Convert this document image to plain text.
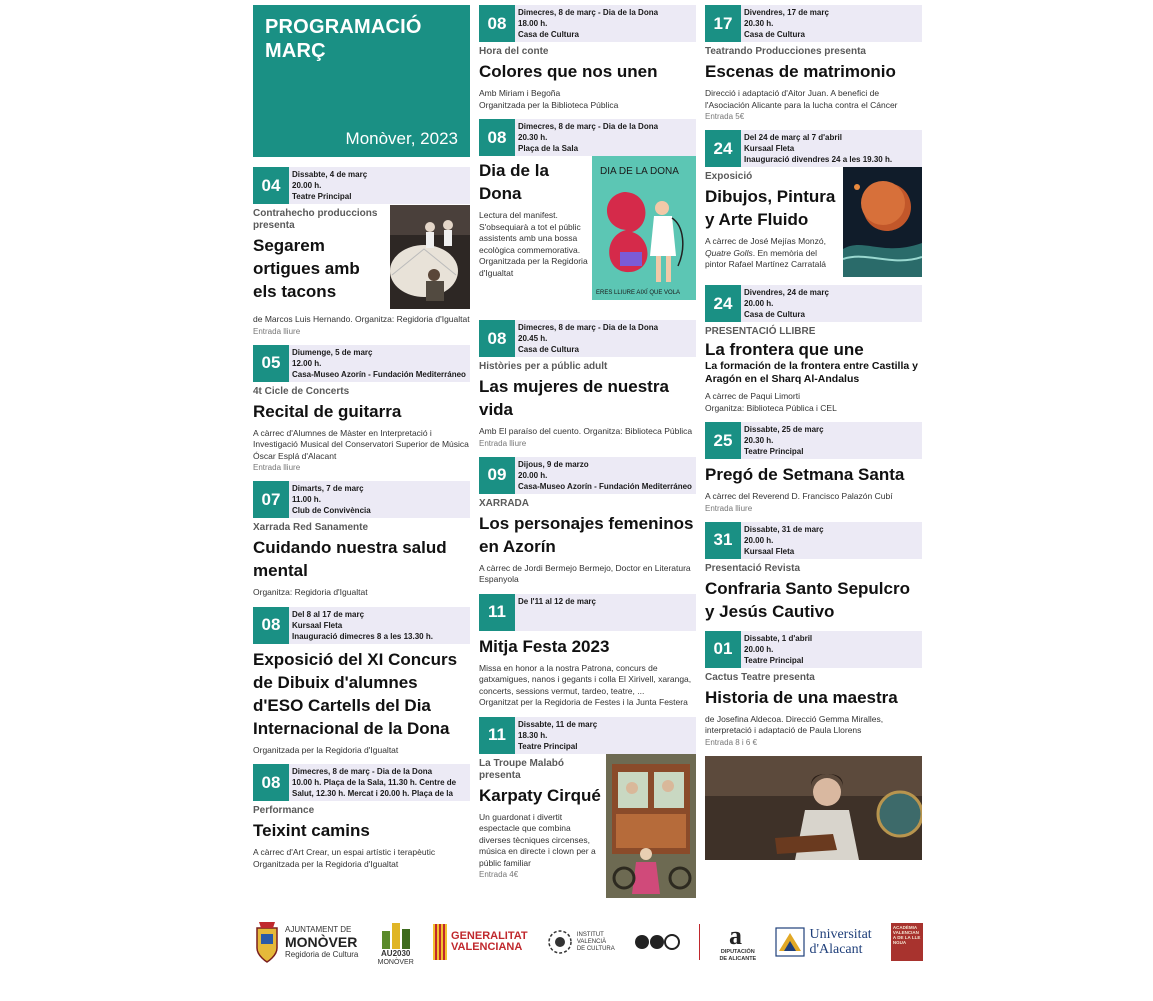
PROGRAMACIÓ
MARÇ
Monòver, 2023
04
Dissabte, 4 de març
20.00 h.
Teatre Principal
Contrahecho produccions presenta
Segarem ortigues amb els tacons
de Marcos Luis Hernando. Organitza: Regidoria d'Igualtat
Entrada lliure
05
Diumenge, 5 de març
12.00 h.
Casa-Museo Azorín - Fundación Mediterráneo
4t Cicle de Concerts
Recital de guitarra
A càrrec d'Alumnes de Màster en Interpretació i Investigació Musical del Conservatori Superior de Música Óscar Esplá d'Alacant
Entrada lliure
07
Dimarts, 7 de març
11.00 h.
Club de Convivència
Xarrada Red Sanamente
Cuidando nuestra salud mental
Organitza: Regidoria d'Igualtat
08
Del 8 al 17 de març
Kursaal Fleta
Inauguració dimecres 8 a les 13.30 h.
Exposició del XI Concurs de Dibuix d'alumnes d'ESO Cartells del Dia Internacional de la Dona
Organitzada per la Regidoria d'Igualtat
08
Dimecres, 8 de març - Dia de la Dona
10.00 h. Plaça de la Sala, 11.30 h. Centre de Salut, 12.30 h. Mercat i 20.00 h. Plaça de la
Performance
Teixint camins
A càrrec d'Art Crear, un espai artístic i terapèutic
Organitzada per la Regidoria d'Igualtat
08
Dimecres, 8 de març - Dia de la Dona
18.00 h.
Casa de Cultura
Hora del conte
Colores que nos unen
Amb Miriam i Begoña
Organitzada per la Biblioteca Pública
08
Dimecres, 8 de març - Dia de la Dona
20.30 h.
Plaça de la Sala
Dia de la Dona
Lectura del manifest. S'obsequiarà a tot el públic assistents amb una bossa ecològica commemorativa. Organitzada per la Regidoria d'Igualtat
DIA DE LA DONA
ERES LLIURE AIXÍ QUE VOLA
08
Dimecres, 8 de març - Dia de la Dona
20.45 h.
Casa de Cultura
Històries per a públic adult
Las mujeres de nuestra vida
Amb El paraíso del cuento. Organitza: Biblioteca Pública
Entrada lliure
09
Dijous, 9 de marzo
20.00 h.
Casa-Museo Azorín - Fundación Mediterráneo
XARRADA
Los personajes femeninos en Azorín
A càrrec de Jordi Bermejo Bermejo, Doctor en Literatura Espanyola
11
De l'11 al 12 de març
Mitja Festa 2023
Missa en honor a la nostra Patrona, concurs de gatxamigues, nanos i gegants i colla El Xirivell, xaranga, concerts, sessions vermut, tardeo, teatre, ...
Organitzat per la Regidoria de Festes i la Junta Festera
11
Dissabte, 11 de març
18.30 h.
Teatre Principal
La Troupe Malabó presenta
Karpaty Cirqué
Un guardonat i divertit espectacle que combina diverses tècniques circenses, música en directe i clown per a públic familiar
Entrada 4€
17
Divendres, 17 de març
20.30 h.
Casa de Cultura
Teatrando Producciones presenta
Escenas de matrimonio
Direcció i adaptació d'Aitor Juan. A benefici de l'Asociación Alicante para la lucha contra el Cáncer
Entrada 5€
24
Del 24 de març al 7 d'abril
Kursaal Fleta
Inauguració divendres 24 a les 19.30 h.
Exposició
Dibujos, Pintura y Arte Fluido
A càrrec de José Mejías Monzó, Quatre Golls. En memòria del pintor Rafael Martínez Carratalá
24
Divendres, 24 de març
20.00 h.
Casa de Cultura
PRESENTACIÓ LLIBRE
La frontera que une
La formación de la frontera entre Castilla y Aragón en el Sharq Al-Andalus
A càrrec de Paqui Limorti
Organitza: Biblioteca Pública i CEL
25
Dissabte, 25 de març
20.30 h.
Teatre Principal
Pregó de Setmana Santa
A càrrec del Reverend D. Francisco Palazón Cubí
Entrada lliure
31
Dissabte, 31 de març
20.00 h.
Kursaal Fleta
Presentació Revista
Confraria Santo Sepulcro y Jesús Cautivo
01
Dissabte, 1 d'abril
20.00 h.
Teatre Principal
Cactus Teatre presenta
Historia de una maestra
de Josefina Aldecoa. Direcció Gemma Miralles, interpretació i adaptació de Paula Llorens
Entrada 8 i 6 €
AJUNTAMENT DE
MONÒVER
Regidoria de Cultura	AU2030
MONÒVER
GENERALITAT
VALENCIANA
INSTITUT
VALENCIÀ
DE CULTURA	a
DIPUTACIÓN
DE ALICANTE
Universitat
d'Alacant
ACADÈMIA VALENCIANA DE LA LLENGUA
